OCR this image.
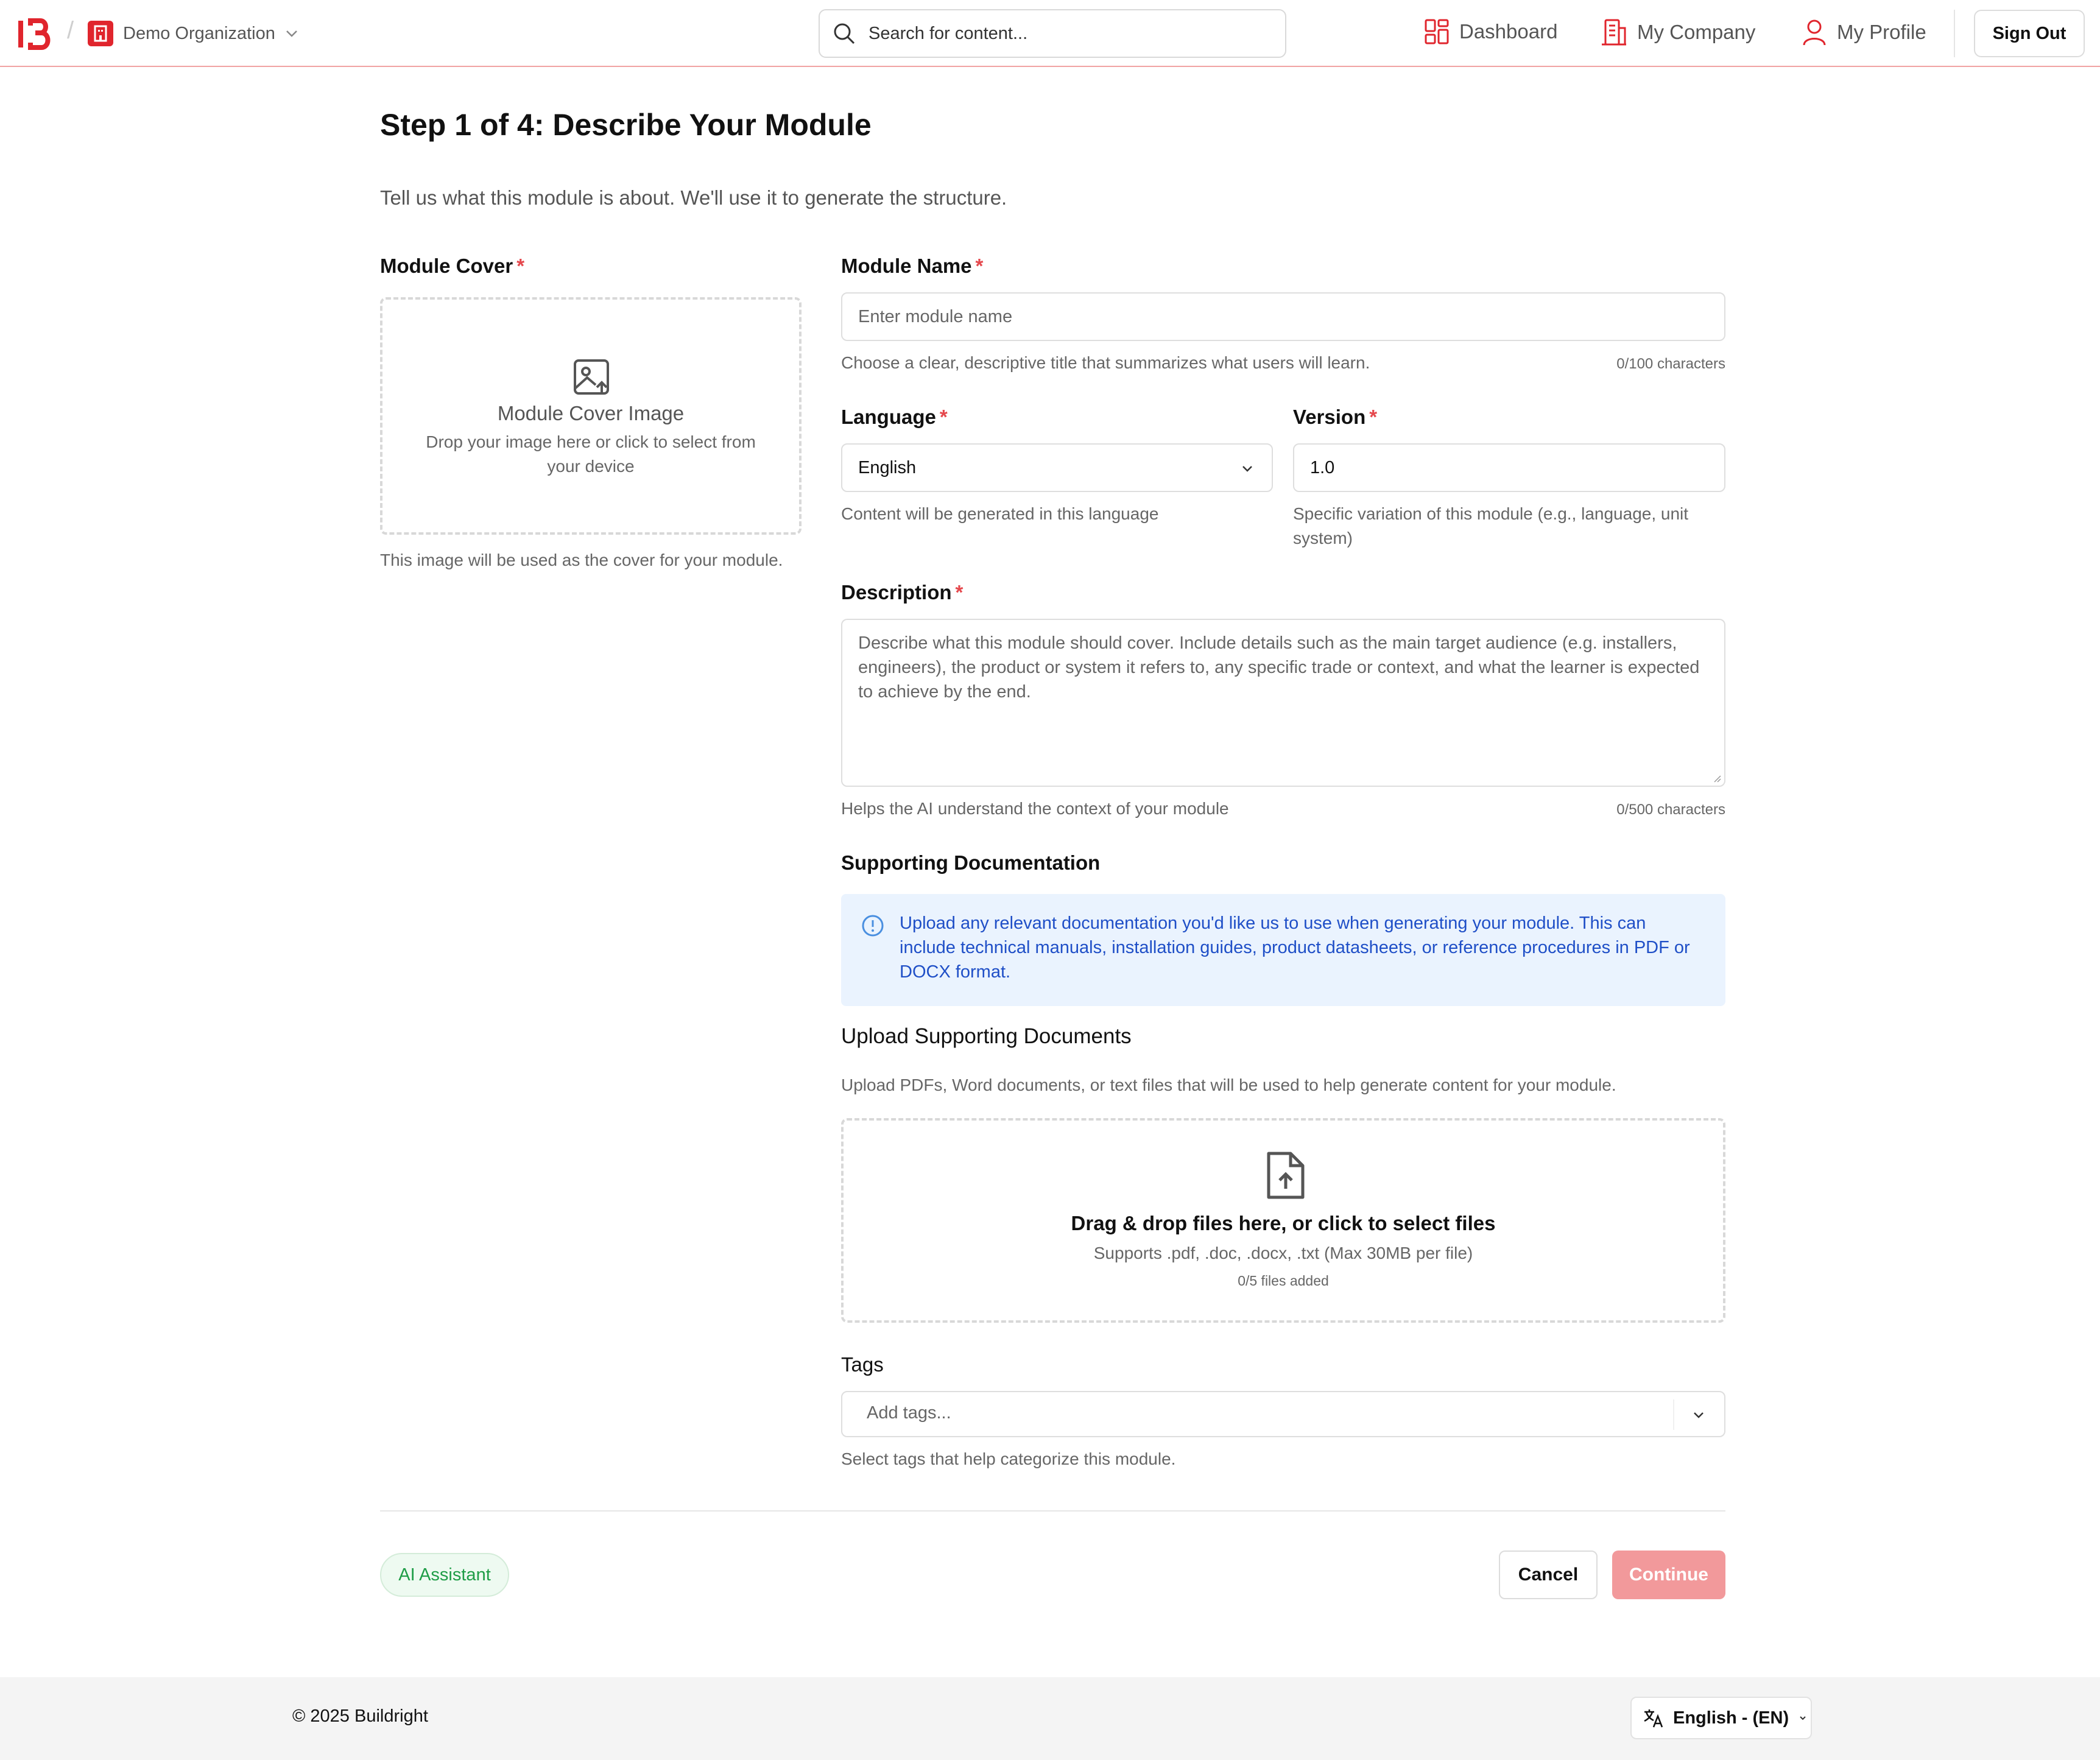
/	Demo Organization	Search for content...	Dashboard	My Company	My Profile	Sign Out
Step 1 of 4: Describe Your Module

Tell us what this module is about. We'll use it to generate the structure.

Module Cover *
Module Cover Image
Drop your image here or click to select from your device
This image will be used as the cover for your module.
Module Name *
Enter module name
Choose a clear, descriptive title that summarizes what users will learn.	0/100 characters
Language *
English
Content will be generated in this language
Version *
1.0
Specific variation of this module (e.g., language, unit system)
Description *
Describe what this module should cover. Include details such as the main target audience (e.g. installers, engineers), the product or system it refers to, any specific trade or context, and what the learner is expected to achieve by the end.
Helps the AI understand the context of your module	0/500 characters
Supporting Documentation
Upload any relevant documentation you'd like us to use when generating your module. This can include technical manuals, installation guides, product datasheets, or reference procedures in PDF or DOCX format.
Upload Supporting Documents
Upload PDFs, Word documents, or text files that will be used to help generate content for your module.
Drag & drop files here, or click to select files
Supports .pdf, .doc, .docx, .txt (Max 30MB per file)
0/5 files added
Tags
Add tags...
Select tags that help categorize this module.
AI Assistant	Cancel	Continue
© 2025 Buildright	English - (EN)
